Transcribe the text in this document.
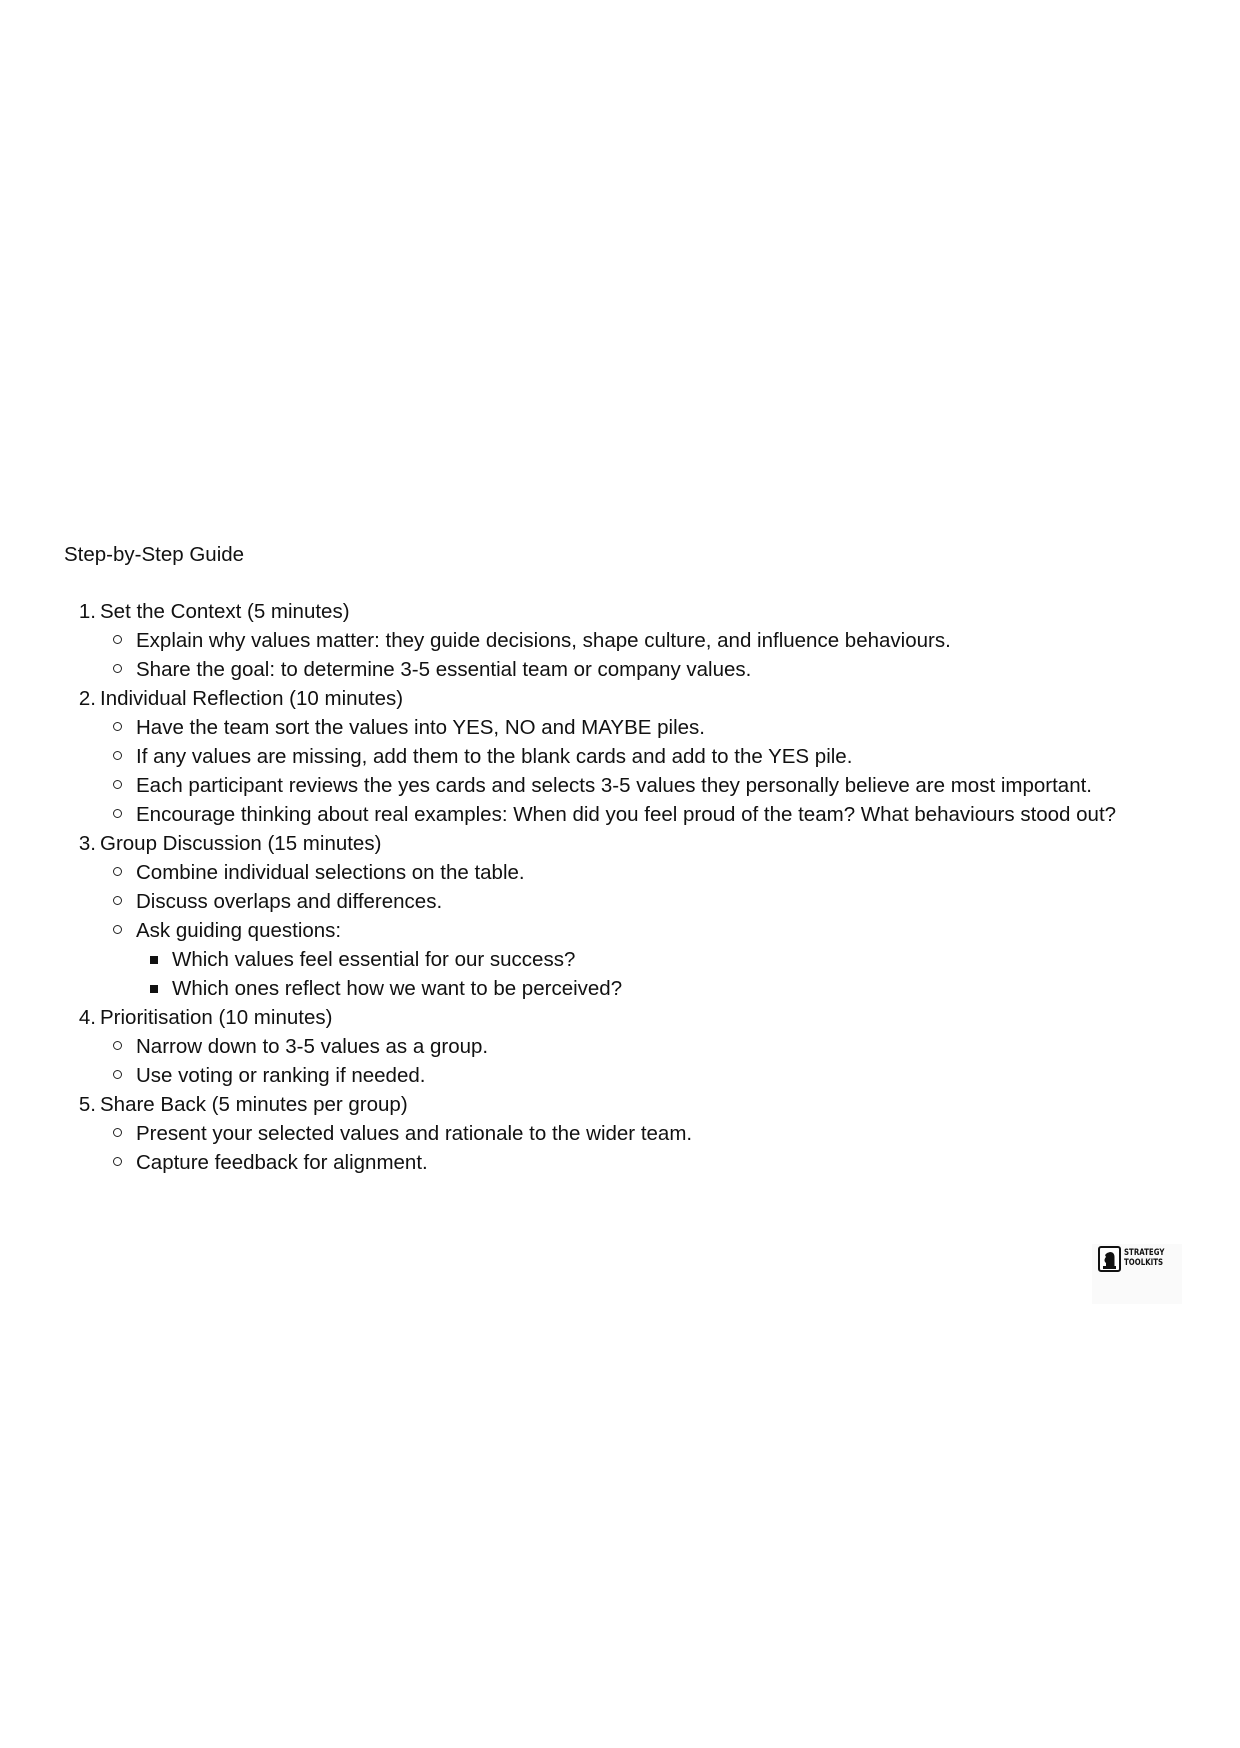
Step-by-Step Guide
1. Set the Context (5 minutes)
Explain why values matter: they guide decisions, shape culture, and influence behaviours.
Share the goal: to determine 3-5 essential team or company values.
2. Individual Reflection (10 minutes)
Have the team sort the values into YES, NO and MAYBE piles.
If any values are missing, add them to the blank cards and add to the YES pile.
Each participant reviews the yes cards and selects 3-5 values they personally believe are most important.
Encourage thinking about real examples: When did you feel proud of the team? What behaviours stood out?
3. Group Discussion (15 minutes)
Combine individual selections on the table.
Discuss overlaps and differences.
Ask guiding questions:
Which values feel essential for our success?
Which ones reflect how we want to be perceived?
4. Prioritisation (10 minutes)
Narrow down to 3-5 values as a group.
Use voting or ranking if needed.
5. Share Back (5 minutes per group)
Present your selected values and rationale to the wider team.
Capture feedback for alignment.
STRATEGY
TOOLKITS
